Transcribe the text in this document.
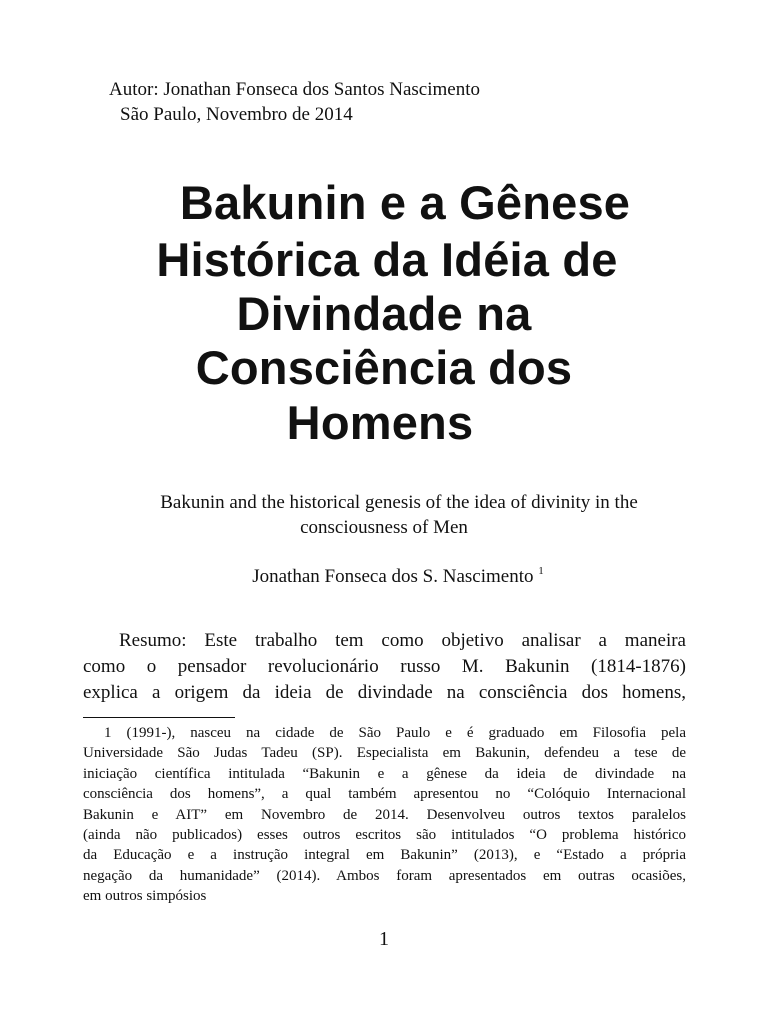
Autor: Jonathan Fonseca dos Santos Nascimento

São Paulo, Novembro de 2014

Bakunin e a Gênese

Histórica da Idéia de

Divindade na

Consciência dos

Homens

Bakunin and the historical genesis of the idea of divinity in the

consciousness of Men

Jonathan Fonseca dos S. Nascimento $^1$

Resumo: Este trabalho tem como objetivo analisar a maneira
como o pensador revolucionário russo M. Bakunin (1814-1876)
explica a origem da ideia de divindade na consciência dos homens,
1 (1991-), nasceu na cidade de São Paulo e é graduado em Filosofia pela
Universidade São Judas Tadeu (SP). Especialista em Bakunin, defendeu a tese de
iniciação científica intitulada “Bakunin e a gênese da ideia de divindade na
consciência dos homens”, a qual também apresentou no “Colóquio Internacional
Bakunin e AIT” em Novembro de 2014. Desenvolveu outros textos paralelos
(ainda não publicados) esses outros escritos são intitulados “O problema histórico
da Educação e a instrução integral em Bakunin” (2013), e “Estado a própria
negação da humanidade” (2014). Ambos foram apresentados em outras ocasiões,
em outros simpósios
1
